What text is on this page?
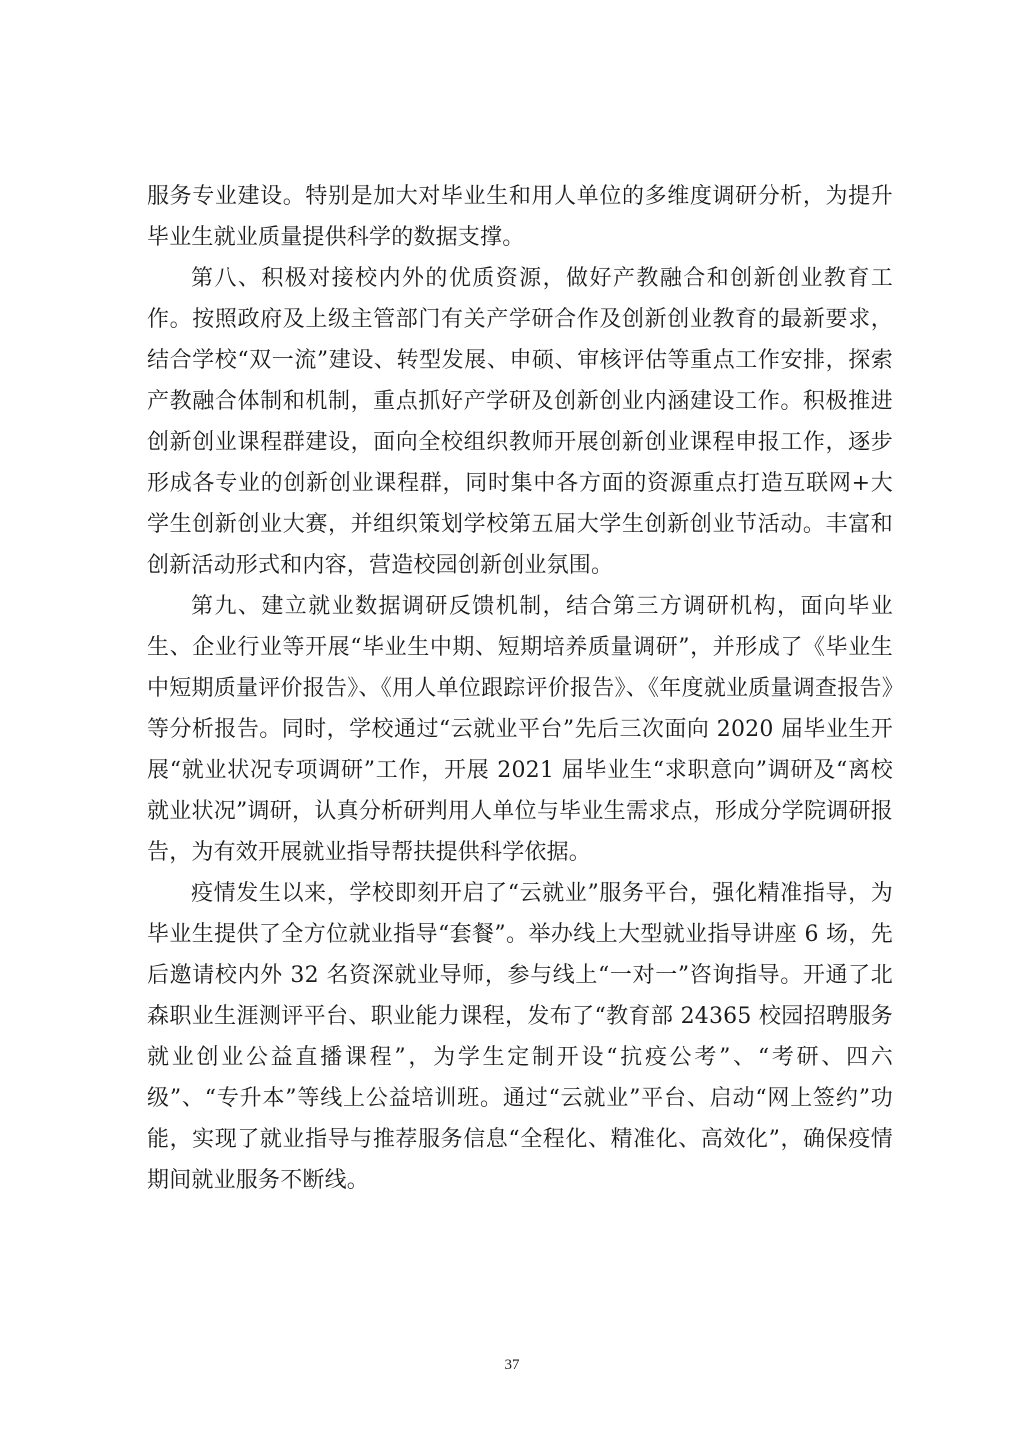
服务专业建设。特别是加大对毕业生和用人单位的多维度调研分析，为提升毕业生就业质量提供科学的数据支撑。

第八、积极对接校内外的优质资源，做好产教融合和创新创业教育工作。按照政府及上级主管部门有关产学研合作及创新创业教育的最新要求，结合学校“双一流”建设、转型发展、申硕、审核评估等重点工作安排，探索产教融合体制和机制，重点抓好产学研及创新创业内涵建设工作。积极推进创新创业课程群建设，面向全校组织教师开展创新创业课程申报工作，逐步形成各专业的创新创业课程群，同时集中各方面的资源重点打造互联网+大学生创新创业大赛，并组织策划学校第五届大学生创新创业节活动。丰富和创新活动形式和内容，营造校园创新创业氛围。

第九、建立就业数据调研反馈机制，结合第三方调研机构，面向毕业生、企业行业等开展“毕业生中期、短期培养质量调研”，并形成了《毕业生中短期质量评价报告》、《用人单位跟踪评价报告》、《年度就业质量调查报告》等分析报告。同时，学校通过“云就业平台”先后三次面向 2020 届毕业生开展“就业状况专项调研”工作，开展 2021 届毕业生“求职意向”调研及“离校就业状况”调研，认真分析研判用人单位与毕业生需求点，形成分学院调研报告，为有效开展就业指导帮扶提供科学依据。

疫情发生以来，学校即刻开启了“云就业”服务平台，强化精准指导，为毕业生提供了全方位就业指导“套餐”。举办线上大型就业指导讲座 6 场，先后邀请校内外 32 名资深就业导师，参与线上“一对一”咨询指导。开通了北森职业生涯测评平台、职业能力课程，发布了“教育部 24365 校园招聘服务就业创业公益直播课程”，为学生定制开设“抗疫公考”、“考研、四六级”、“专升本”等线上公益培训班。通过“云就业”平台、启动“网上签约”功能，实现了就业指导与推荐服务信息“全程化、精准化、高效化”，确保疫情期间就业服务不断线。

37
